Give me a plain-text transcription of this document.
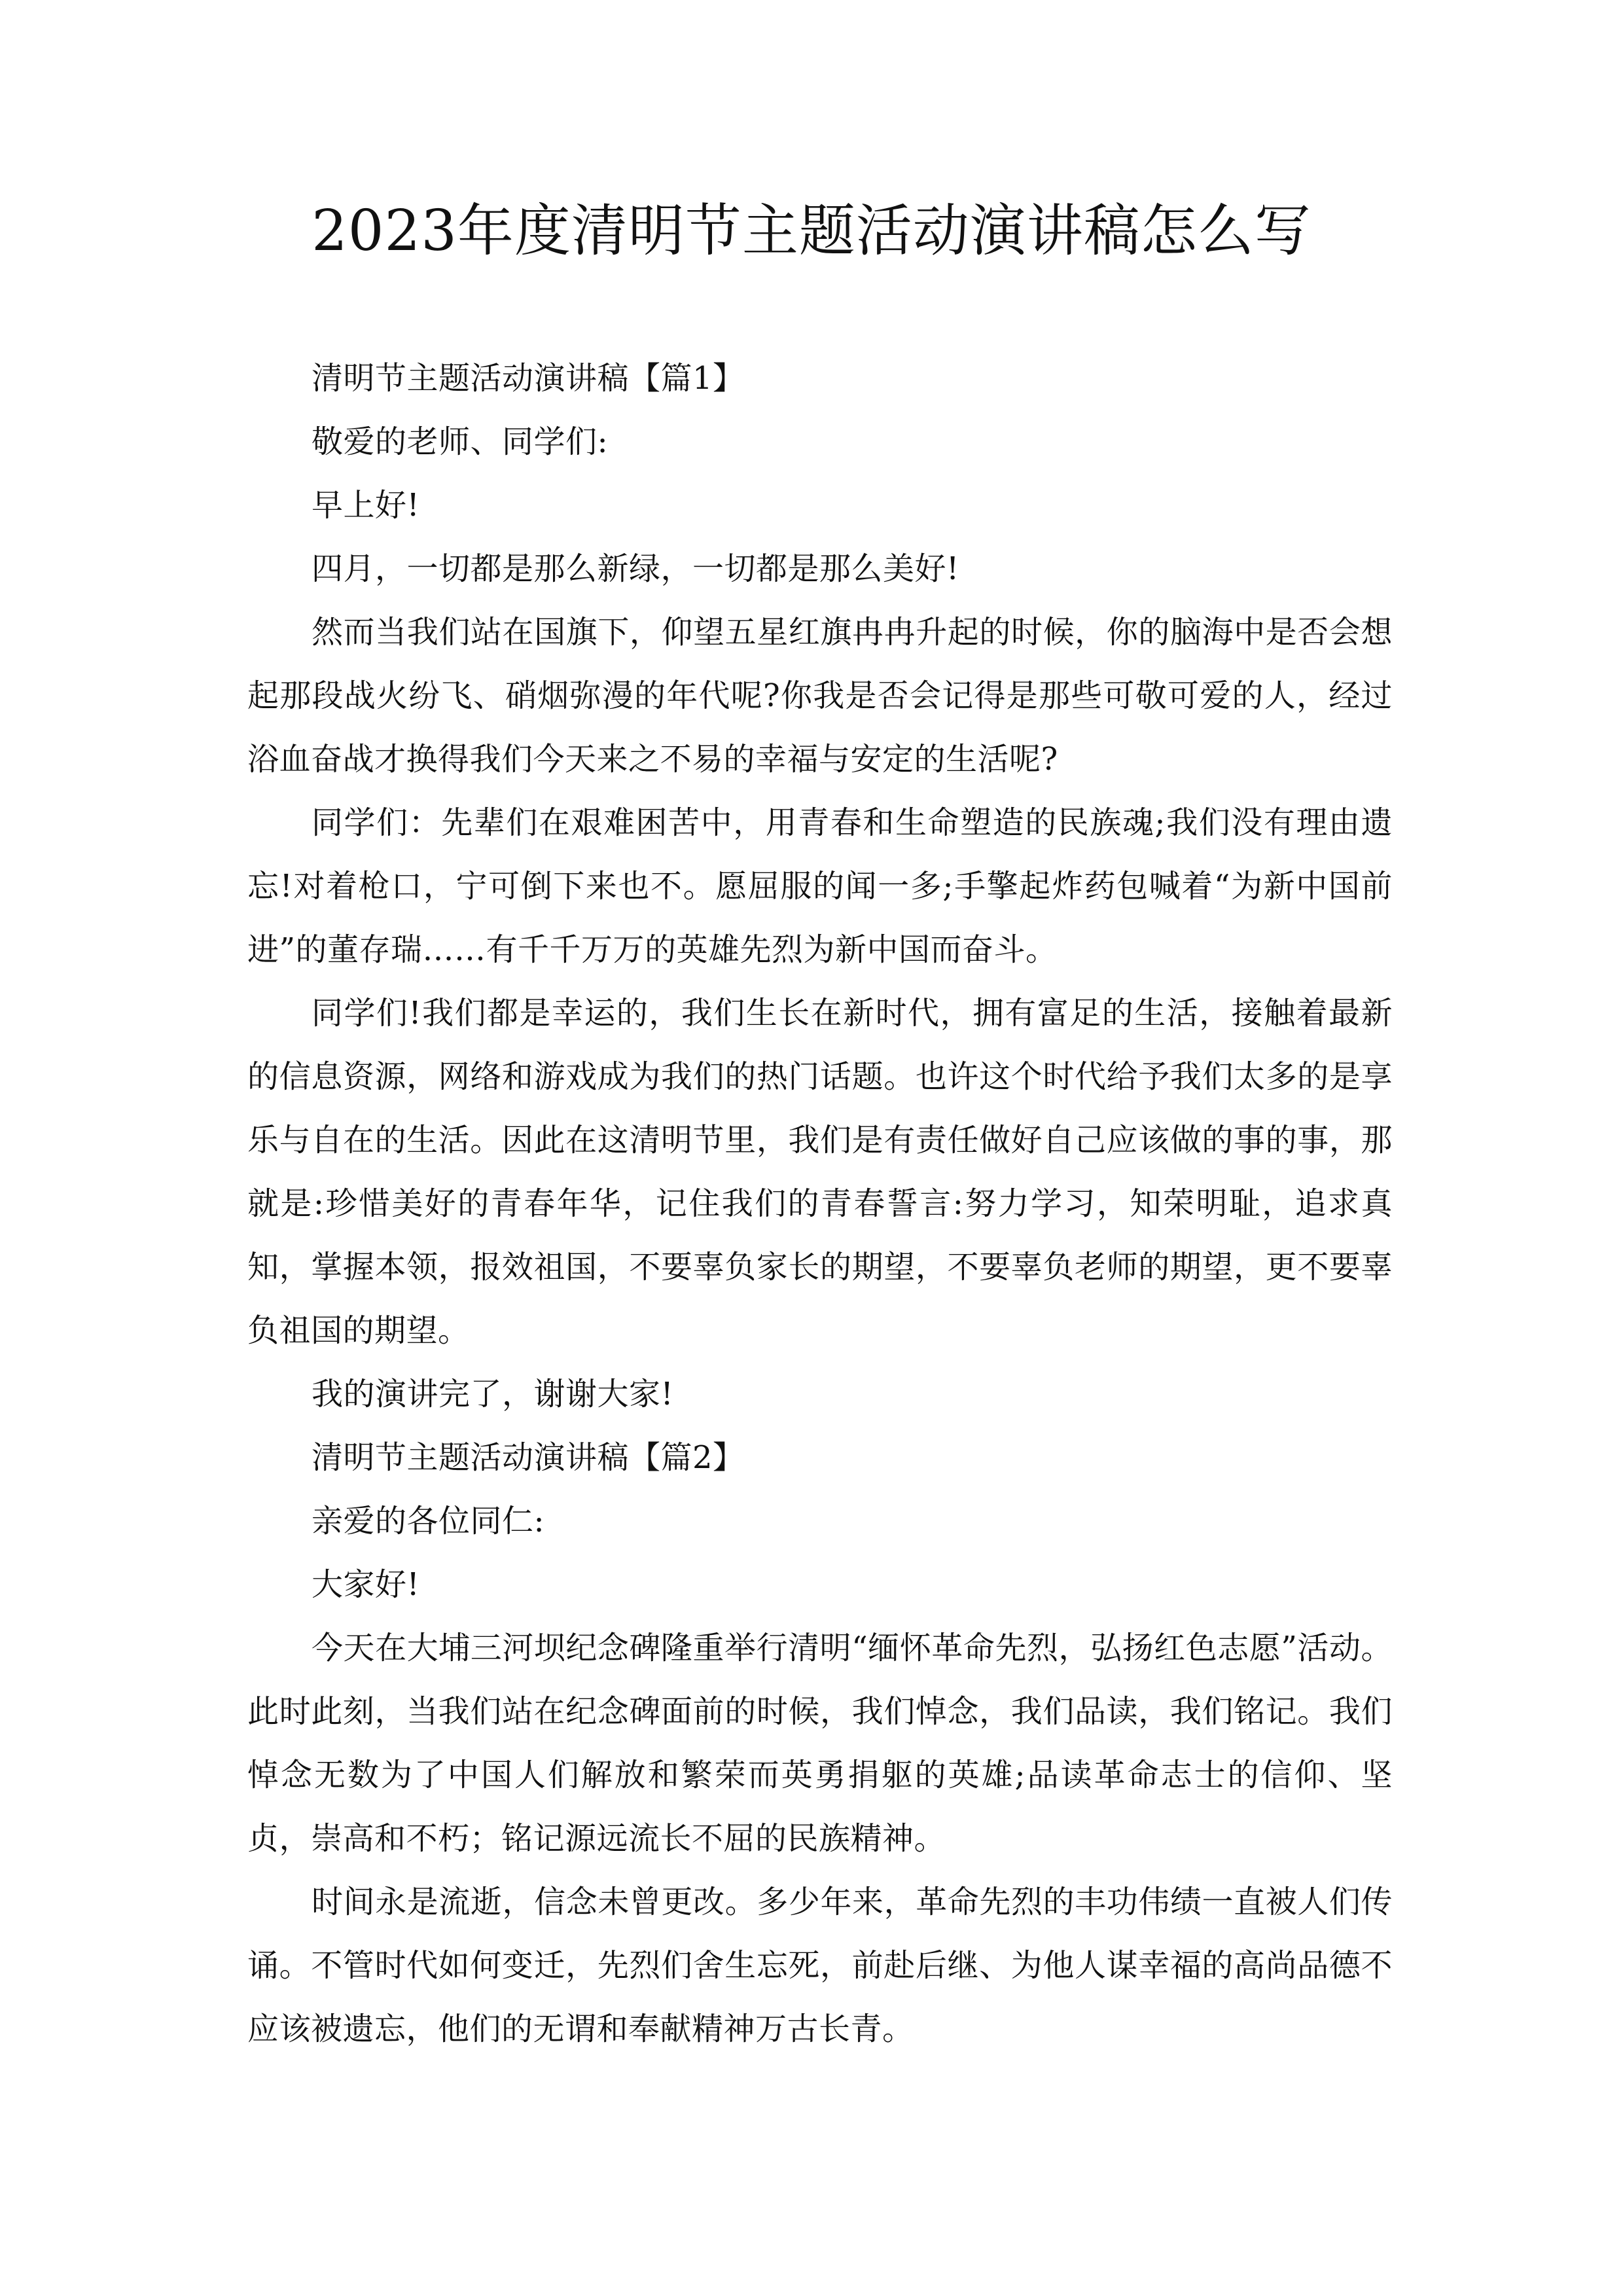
2023年度清明节主题活动演讲稿怎么写

清明节主题活动演讲稿【篇1】

敬爱的老师、同学们:

早上好!

四月，一切都是那么新绿，一切都是那么美好!

然而当我们站在国旗下，仰望五星红旗冉冉升起的时候，你的脑海中是否会想起那段战火纷飞、硝烟弥漫的年代呢?你我是否会记得是那些可敬可爱的人，经过浴血奋战才换得我们今天来之不易的幸福与安定的生活呢?

同学们：先辈们在艰难困苦中，用青春和生命塑造的民族魂;我们没有理由遗忘!对着枪口，宁可倒下来也不。愿屈服的闻一多;手擎起炸药包喊着“为新中国前进”的董存瑞……有千千万万的英雄先烈为新中国而奋斗。

同学们!我们都是幸运的，我们生长在新时代，拥有富足的生活，接触着最新的信息资源，网络和游戏成为我们的热门话题。也许这个时代给予我们太多的是享乐与自在的生活。因此在这清明节里，我们是有责任做好自己应该做的事的事，那就是:珍惜美好的青春年华，记住我们的青春誓言:努力学习，知荣明耻，追求真知，掌握本领，报效祖国，不要辜负家长的期望，不要辜负老师的期望，更不要辜负祖国的期望。

我的演讲完了，谢谢大家!

清明节主题活动演讲稿【篇2】

亲爱的各位同仁:

大家好!

今天在大埔三河坝纪念碑隆重举行清明“缅怀革命先烈，弘扬红色志愿”活动。此时此刻，当我们站在纪念碑面前的时候，我们悼念，我们品读，我们铭记。我们悼念无数为了中国人们解放和繁荣而英勇捐躯的英雄;品读革命志士的信仰、坚贞，崇高和不朽；铭记源远流长不屈的民族精神。

时间永是流逝，信念未曾更改。多少年来，革命先烈的丰功伟绩一直被人们传诵。不管时代如何变迁，先烈们舍生忘死，前赴后继、为他人谋幸福的高尚品德不应该被遗忘，他们的无谓和奉献精神万古长青。
